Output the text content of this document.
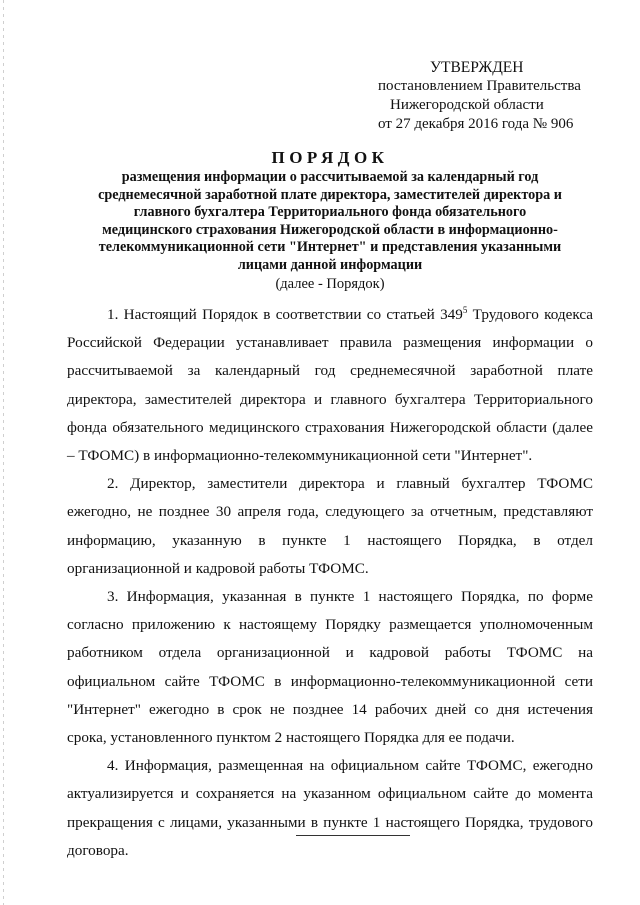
УТВЕРЖДЕН
постановлением Правительства
Нижегородской области
от 27 декабря 2016 года № 906
ПОРЯДОК
размещения информации о рассчитываемой за календарный год
среднемесячной заработной плате директора, заместителей директора и
главного бухгалтера Территориального фонда обязательного
медицинского страхования Нижегородской области в информационно-
телекоммуникационной сети "Интернет" и представления указанными
лицами данной информации
(далее - Порядок)
1. Настоящий Порядок в соответствии со статьей $349^5$ Трудового кодекса
Российской Федерации устанавливает правила размещения информации о
рассчитываемой за календарный год среднемесячной заработной плате
директора, заместителей директора и главного бухгалтера Территориального
фонда обязательного медицинского страхования Нижегородской области (далее
– ТФОМС) в информационно-телекоммуникационной сети "Интернет".
2. Директор, заместители директора и главный бухгалтер ТФОМС
ежегодно, не позднее 30 апреля года, следующего за отчетным, представляют
информацию, указанную в пункте 1 настоящего Порядка, в отдел
организационной и кадровой работы ТФОМС.
3. Информация, указанная в пункте 1 настоящего Порядка, по форме
согласно приложению к настоящему Порядку размещается уполномоченным
работником отдела организационной и кадровой работы ТФОМС на
официальном сайте ТФОМС в информационно-телекоммуникационной сети
"Интернет" ежегодно в срок не позднее 14 рабочих дней со дня истечения
срока, установленного пунктом 2 настоящего Порядка для ее подачи.
4. Информация, размещенная на официальном сайте ТФОМС, ежегодно
актуализируется и сохраняется на указанном официальном сайте до момента
прекращения с лицами, указанными в пункте 1 настоящего Порядка, трудового
договора.
